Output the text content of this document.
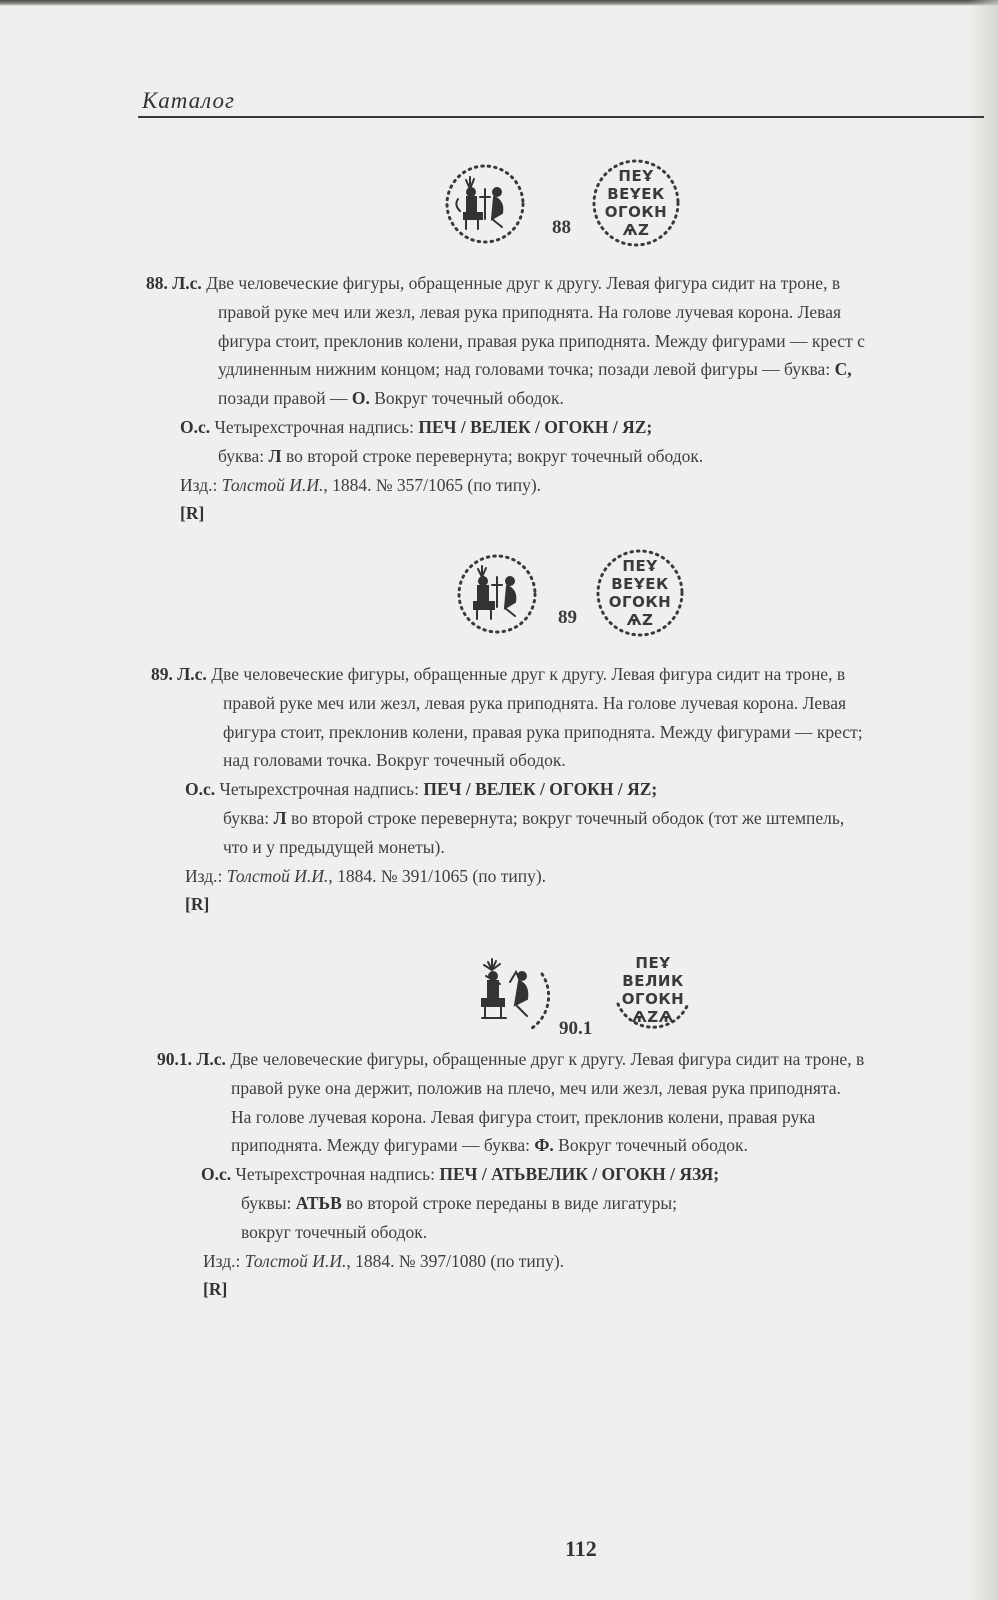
Каталог
88
ПЕҰ
ВЕҰЕК
ОГОКН
ѦZ
88. Л.с. Две человеческие фигуры, обращенные друг к другу. Левая фигура сидит на троне, в
правой руке меч или жезл, левая рука приподнята. На голове лучевая корона. Левая
фигура стоит, преклонив колени, правая рука приподнята. Между фигурами — крест с
удлиненным нижним концом; над головами точка; позади левой фигуры — буква: С,
позади правой — О. Вокруг точечный ободок.
О.с. Четырехстрочная надпись: ПЕЧ / ВЕЛЕК / ОГОКН / ЯZ;
буква: Л во второй строке перевернута; вокруг точечный ободок.
Изд.: Толстой И.И., 1884. № 357/1065 (по типу).
[R]
89
ПЕҰ
ВЕҰЕК
ОГОКН
ѦZ
89. Л.с. Две человеческие фигуры, обращенные друг к другу. Левая фигура сидит на троне, в
правой руке меч или жезл, левая рука приподнята. На голове лучевая корона. Левая
фигура стоит, преклонив колени, правая рука приподнята. Между фигурами — крест;
над головами точка. Вокруг точечный ободок.
О.с. Четырехстрочная надпись: ПЕЧ / ВЕЛЕК / ОГОКН / ЯZ;
буква: Л во второй строке перевернута; вокруг точечный ободок (тот же штемпель,
что и у предыдущей монеты).
Изд.: Толстой И.И., 1884. № 391/1065 (по типу).
[R]
90.1
ПЕҰ
ВЕЛИК
ОГОКН
ѦZѦ
90.1. Л.с. Две человеческие фигуры, обращенные друг к другу. Левая фигура сидит на троне, в
правой руке она держит, положив на плечо, меч или жезл, левая рука приподнята.
На голове лучевая корона. Левая фигура стоит, преклонив колени, правая рука
приподнята. Между фигурами — буква: Ф. Вокруг точечный ободок.
О.с. Четырехстрочная надпись: ПЕЧ / АТЬВЕЛИК / ОГОКН / ЯЗЯ;
буквы: АТЬВ во второй строке переданы в виде лигатуры;
вокруг точечный ободок.
Изд.: Толстой И.И., 1884. № 397/1080 (по типу).
[R]
112
